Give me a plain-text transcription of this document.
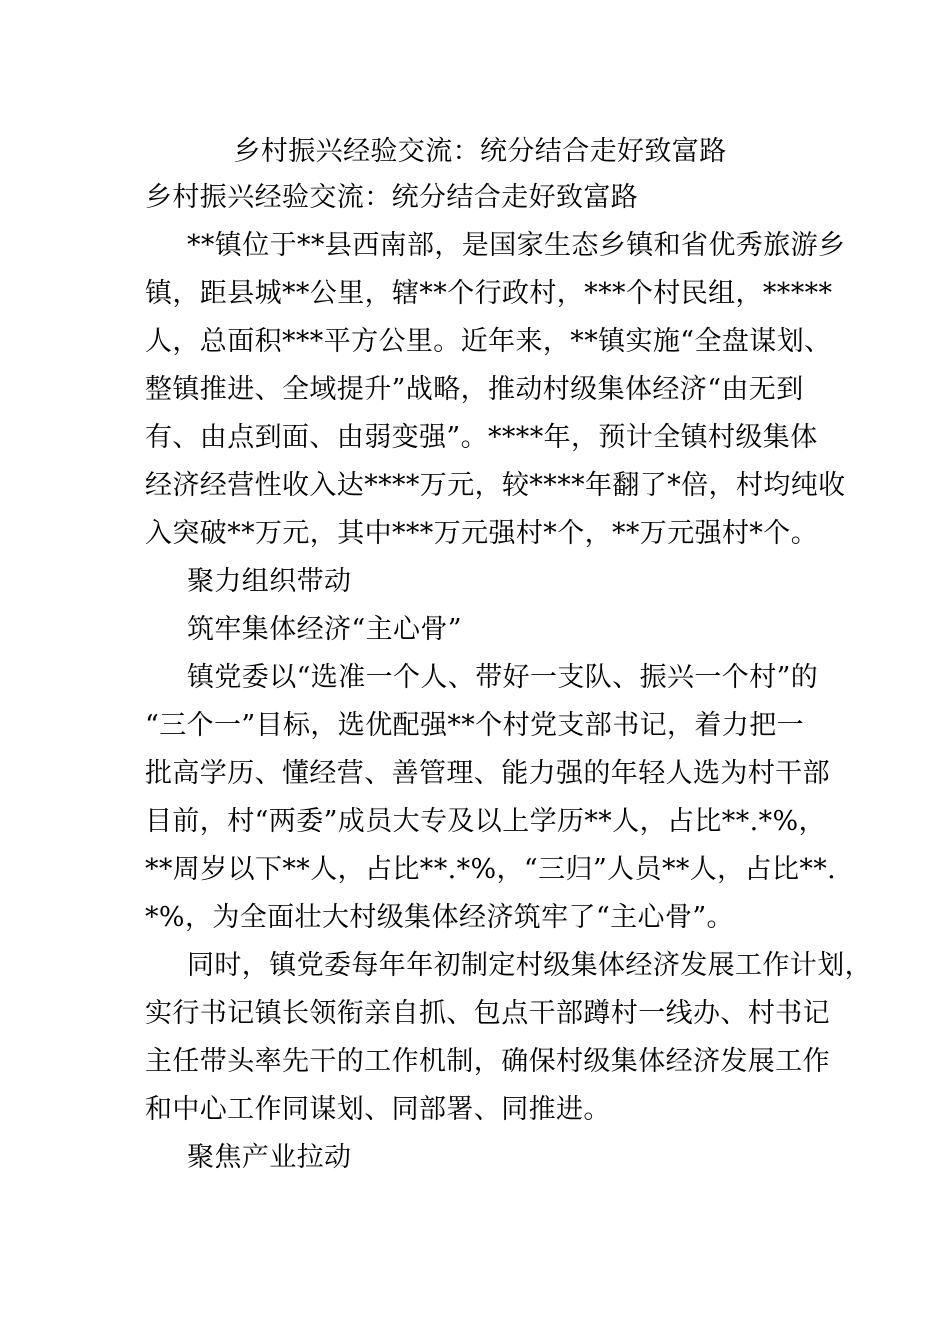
乡村振兴经验交流：统分结合走好致富路
乡村振兴经验交流：统分结合走好致富路
**镇位于**县西南部，是国家生态乡镇和省优秀旅游乡
镇，距县城**公里，辖**个行政村，***个村民组，*****
人，总面积***平方公里。近年来，**镇实施“全盘谋划、
整镇推进、全域提升”战略，推动村级集体经济“由无到
有、由点到面、由弱变强”。****年，预计全镇村级集体
经济经营性收入达****万元，较****年翻了*倍，村均纯收
入突破**万元，其中***万元强村*个，**万元强村*个。
聚力组织带动
筑牢集体经济“主心骨”
镇党委以“选准一个人、带好一支队、振兴一个村”的
“三个一”目标，选优配强**个村党支部书记，着力把一
批高学历、懂经营、善管理、能力强的年轻人选为村干部
目前，村“两委”成员大专及以上学历**人，占比**.*%，
**周岁以下**人，占比**.*%，“三归”人员**人，占比**.
*%，为全面壮大村级集体经济筑牢了“主心骨”。
同时，镇党委每年年初制定村级集体经济发展工作计划，
实行书记镇长领衔亲自抓、包点干部蹲村一线办、村书记
主任带头率先干的工作机制，确保村级集体经济发展工作
和中心工作同谋划、同部署、同推进。
聚焦产业拉动
